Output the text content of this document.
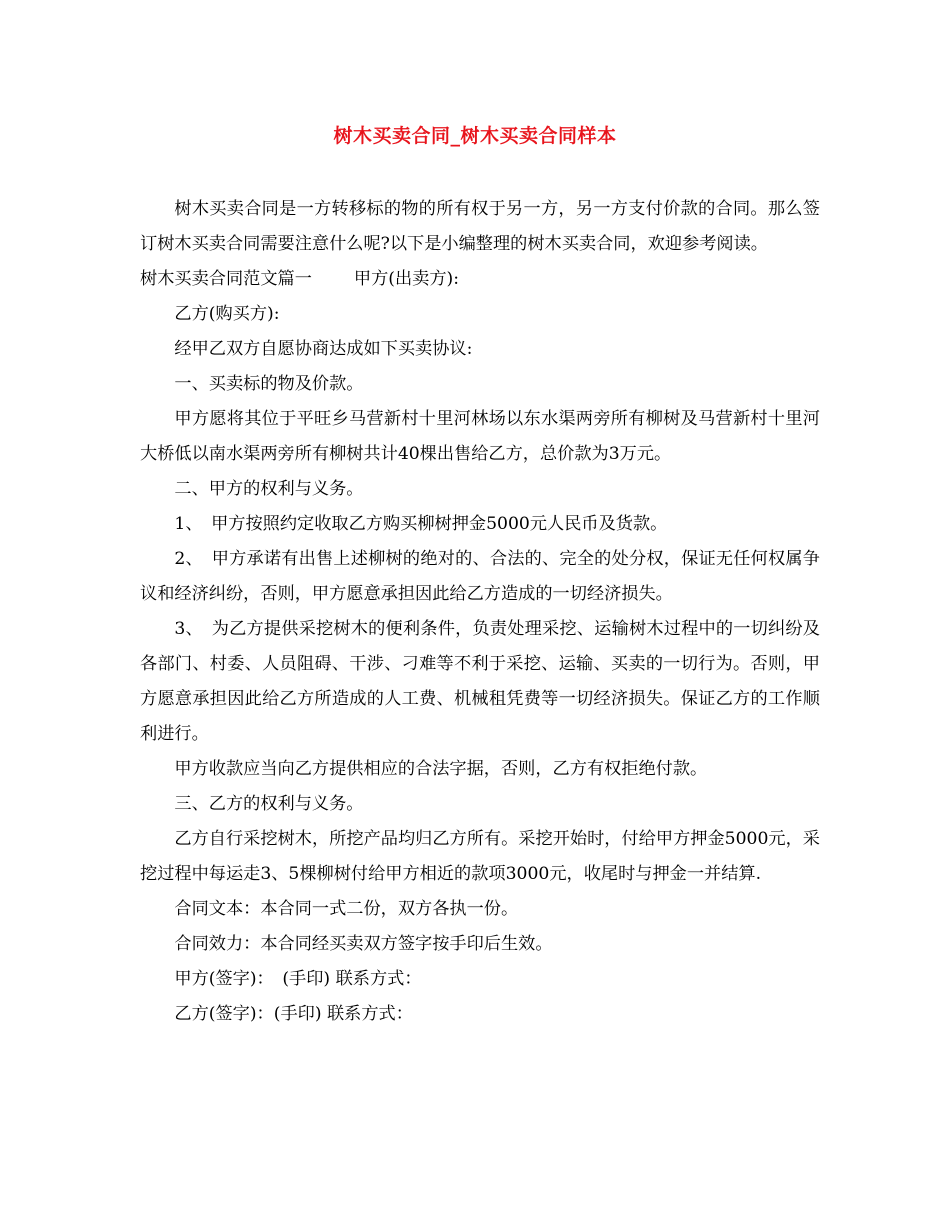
树木买卖合同_树木买卖合同样本

树木买卖合同是一方转移标的物的所有权于另一方，另一方支付价款的合同。那么签订树木买卖合同需要注意什么呢?以下是小编整理的树木买卖合同，欢迎参考阅读。

树木买卖合同范文篇一 甲方(出卖方):

乙方(购买方):

经甲乙双方自愿协商达成如下买卖协议:

一、买卖标的物及价款。

甲方愿将其位于平旺乡马营新村十里河林场以东水渠两旁所有柳树及马营新村十里河大桥低以南水渠两旁所有柳树共计40棵出售给乙方，总价款为3万元。

二、甲方的权利与义务。

1、　甲方按照约定收取乙方购买柳树押金5000元人民币及货款。

2、　甲方承诺有出售上述柳树的绝对的、合法的、完全的处分权，保证无任何权属争议和经济纠纷，否则，甲方愿意承担因此给乙方造成的一切经济损失。

3、　为乙方提供采挖树木的便利条件，负责处理采挖、运输树木过程中的一切纠纷及各部门、村委、人员阻碍、干涉、刁难等不利于采挖、运输、买卖的一切行为。否则，甲方愿意承担因此给乙方所造成的人工费、机械租凭费等一切经济损失。保证乙方的工作顺利进行。

甲方收款应当向乙方提供相应的合法字据，否则，乙方有权拒绝付款。

三、乙方的权利与义务。

乙方自行采挖树木，所挖产品均归乙方所有。采挖开始时，付给甲方押金5000元，采挖过程中每运走3、5棵柳树付给甲方相近的款项3000元，收尾时与押金一并结算.

合同文本：本合同一式二份，双方各执一份。

合同效力：本合同经买卖双方签字按手印后生效。

甲方(签字)：　(手印) 联系方式：

乙方(签字)：(手印) 联系方式：
